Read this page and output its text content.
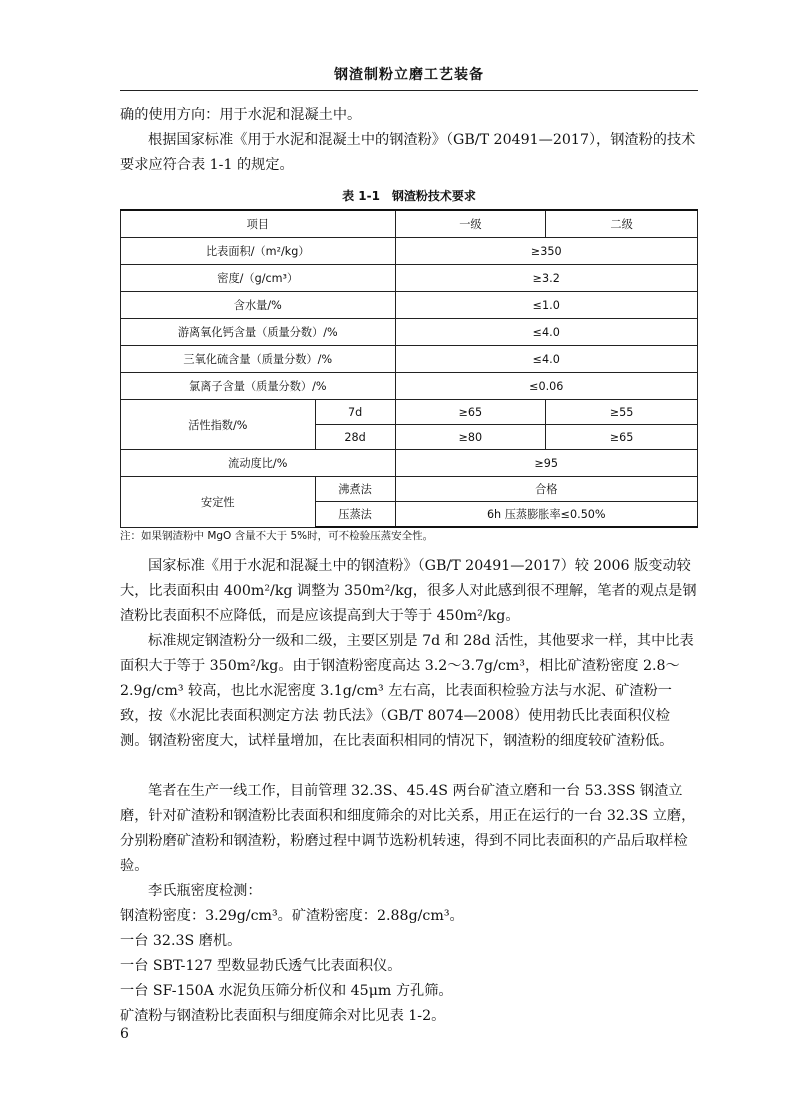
钢渣制粉立磨工艺装备

确的使用方向：用于水泥和混凝土中。

根据国家标准《用于水泥和混凝土中的钢渣粉》（GB/T 20491—2017），钢渣粉的技术要求应符合表 1-1 的规定。

表 1-1　钢渣粉技术要求
项目		一级	二级
比表面积/（m²/kg）		≥350	
密度/（g/cm³）		≥3.2	
含水量/%		≤1.0	
游离氧化钙含量（质量分数）/%		≤4.0	
三氧化硫含量（质量分数）/%		≤4.0	
氯离子含量（质量分数）/%		≤0.06	
活性指数/%	7d	≥65	≥55
	28d	≥80	≥65
流动度比/%		≥95	
安定性	沸煮法	合格	
	压蒸法	6h 压蒸膨胀率≤0.50%	
注：如果钢渣粉中 MgO 含量不大于 5%时，可不检验压蒸安全性。

国家标准《用于水泥和混凝土中的钢渣粉》（GB/T 20491—2017）较 2006 版变动较大，比表面积由 400m²/kg 调整为 350m²/kg，很多人对此感到很不理解，笔者的观点是钢渣粉比表面积不应降低，而是应该提高到大于等于 450m²/kg。

标准规定钢渣粉分一级和二级，主要区别是 7d 和 28d 活性，其他要求一样，其中比表面积大于等于 350m²/kg。由于钢渣粉密度高达 3.2～3.7g/cm³，相比矿渣粉密度 2.8～2.9g/cm³ 较高，也比水泥密度 3.1g/cm³ 左右高，比表面积检验方法与水泥、矿渣粉一致，按《水泥比表面积测定方法 勃氏法》（GB/T 8074—2008）使用勃氏比表面积仪检测。钢渣粉密度大，试样量增加，在比表面积相同的情况下，钢渣粉的细度较矿渣粉低。

笔者在生产一线工作，目前管理 32.3S、45.4S 两台矿渣立磨和一台 53.3SS 钢渣立磨，针对矿渣粉和钢渣粉比表面积和细度筛余的对比关系，用正在运行的一台 32.3S 立磨，分别粉磨矿渣粉和钢渣粉，粉磨过程中调节选粉机转速，得到不同比表面积的产品后取样检验。

李氏瓶密度检测：

钢渣粉密度：3.29g/cm³。矿渣粉密度：2.88g/cm³。

一台 32.3S 磨机。

一台 SBT-127 型数显勃氏透气比表面积仪。

一台 SF-150A 水泥负压筛分析仪和 45μm 方孔筛。

矿渣粉与钢渣粉比表面积与细度筛余对比见表 1-2。

6
